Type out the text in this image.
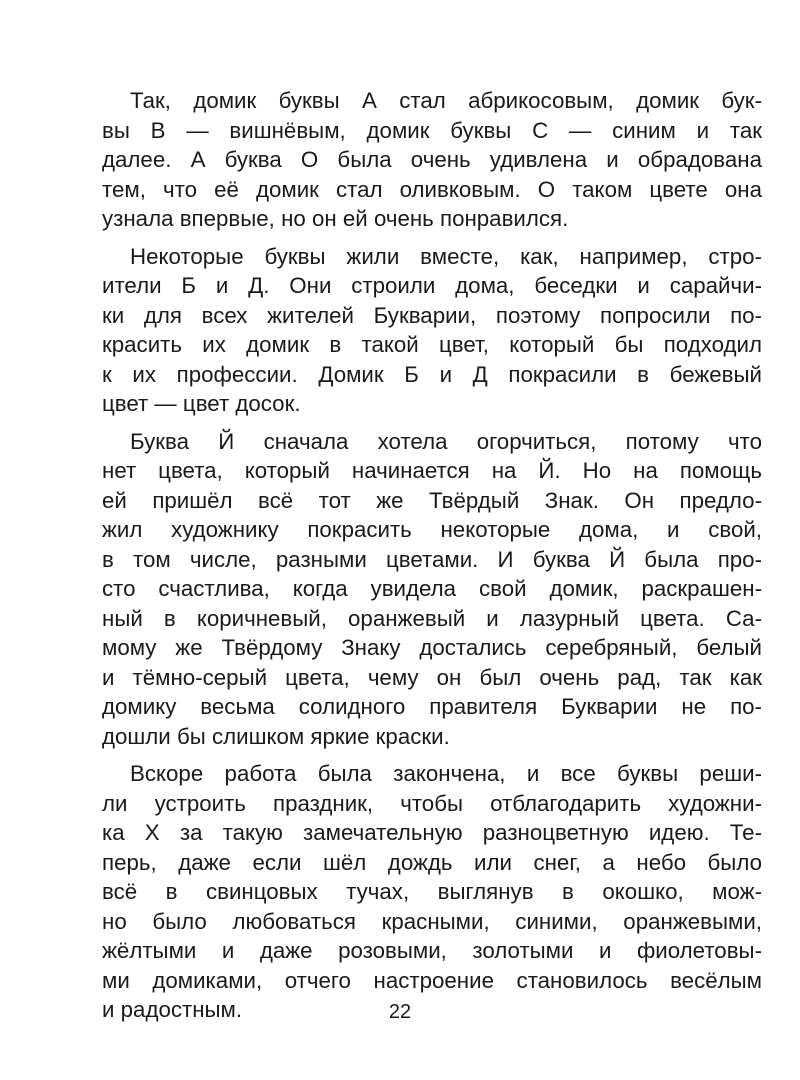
Так, домик буквы А стал абрикосовым, домик бук-
вы В — вишнёвым, домик буквы С — синим и так
далее. А буква О была очень удивлена и обрадована
тем, что её домик стал оливковым. О таком цвете она
узнала впервые, но он ей очень понравился.
Некоторые буквы жили вместе, как, например, стро-
ители Б и Д. Они строили дома, беседки и сарайчи-
ки для всех жителей Букварии, поэтому попросили по-
красить их домик в такой цвет, который бы подходил
к их профессии. Домик Б и Д покрасили в бежевый
цвет — цвет досок.
Буква Й сначала хотела огорчиться, потому что
нет цвета, который начинается на Й. Но на помощь
ей пришёл всё тот же Твёрдый Знак. Он предло-
жил художнику покрасить некоторые дома, и свой,
в том числе, разными цветами. И буква Й была про-
сто счастлива, когда увидела свой домик, раскрашен-
ный в коричневый, оранжевый и лазурный цвета. Са-
мому же Твёрдому Знаку достались серебряный, белый
и тёмно-серый цвета, чему он был очень рад, так как
домику весьма солидного правителя Букварии не по-
дошли бы слишком яркие краски.
Вскоре работа была закончена, и все буквы реши-
ли устроить праздник, чтобы отблагодарить художни-
ка Х за такую замечательную разноцветную идею. Те-
перь, даже если шёл дождь или снег, а небо было
всё в свинцовых тучах, выглянув в окошко, мож-
но было любоваться красными, синими, оранжевыми,
жёлтыми и даже розовыми, золотыми и фиолетовы-
ми домиками, отчего настроение становилось весёлым
и радостным.	22
